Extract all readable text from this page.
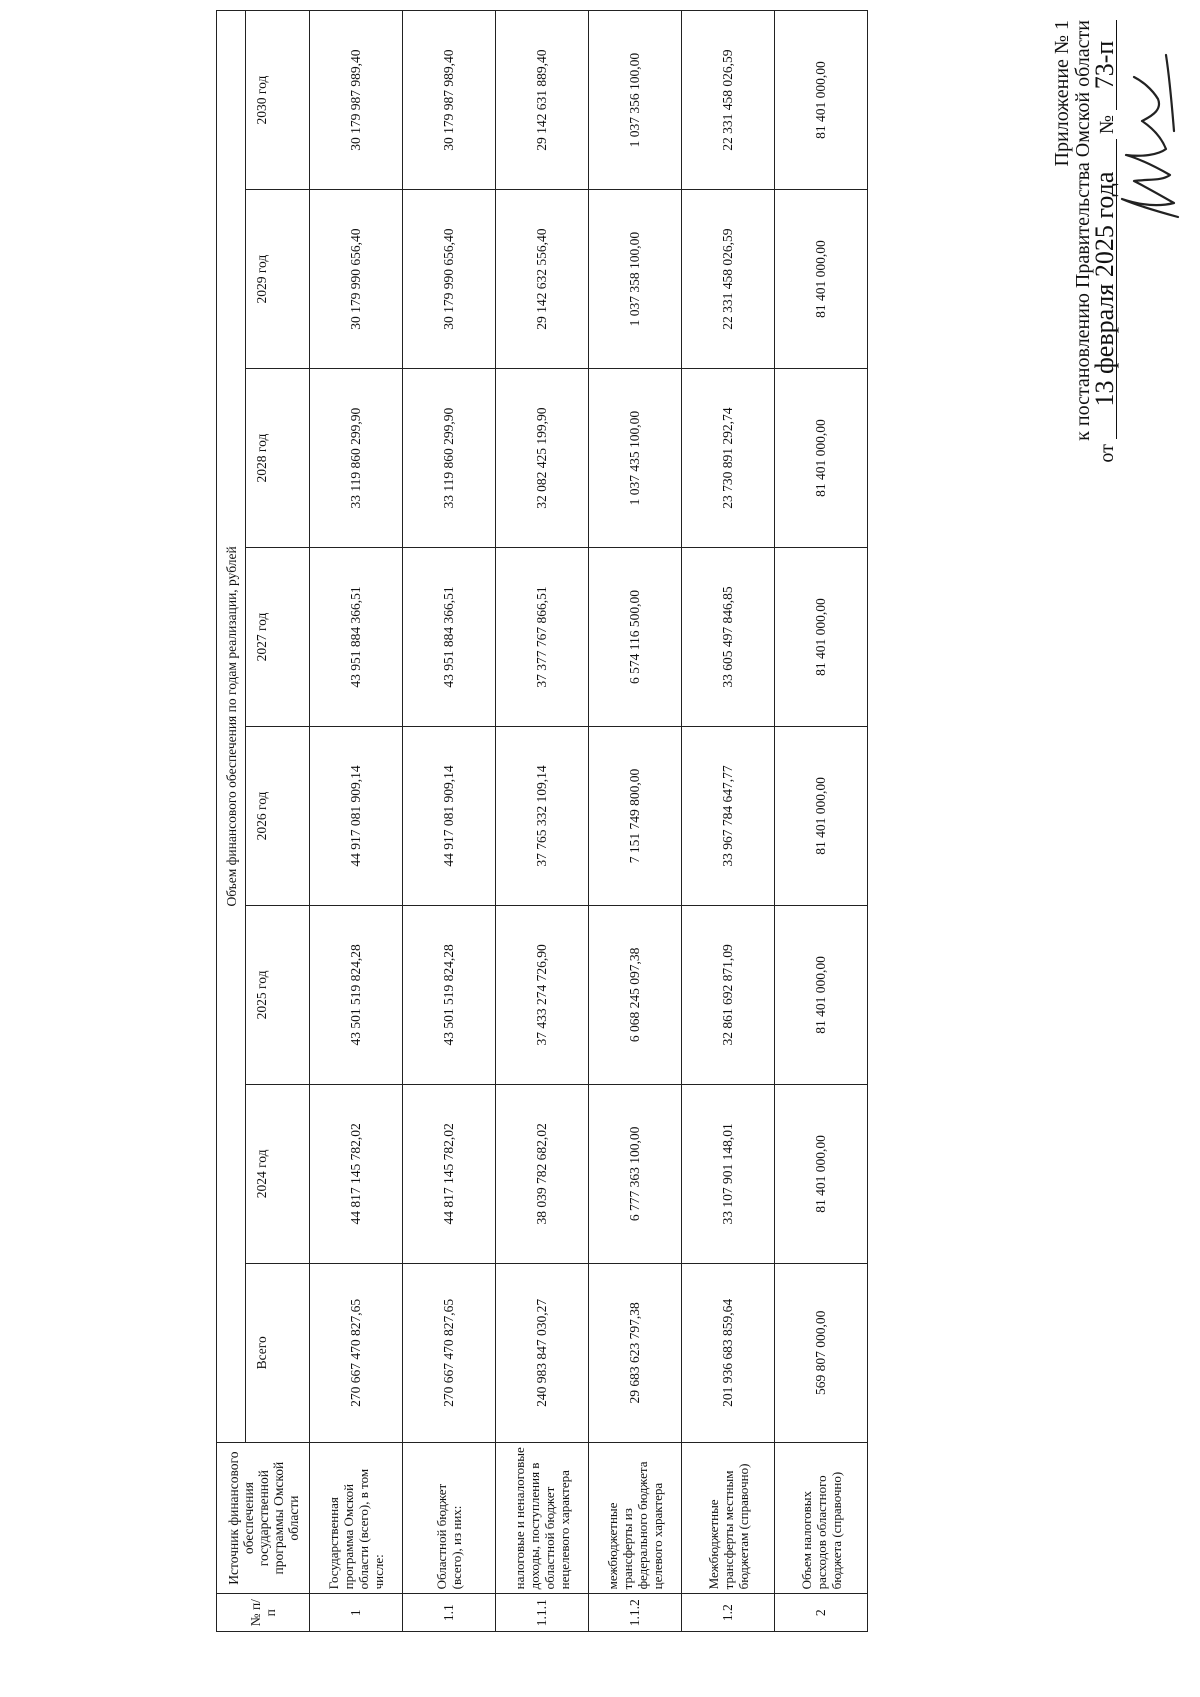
Приложение № 1 к постановлению Правительства Омской области
от 13 февраля 2025 года № 73-п
№ п/п	Источник финансового обеспечения государственной программы Омской области	Объем финансового обеспечения по годам реализации, рублей							
		Всего	2024 год	2025 год	2026 год	2027 год	2028 год	2029 год	2030 год
1	Государственная программа Омской области (всего), в том числе:	270 667 470 827,65	44 817 145 782,02	43 501 519 824,28	44 917 081 909,14	43 951 884 366,51	33 119 860 299,90	30 179 990 656,40	30 179 987 989,40
1.1	Областной бюджет (всего), из них:	270 667 470 827,65	44 817 145 782,02	43 501 519 824,28	44 917 081 909,14	43 951 884 366,51	33 119 860 299,90	30 179 990 656,40	30 179 987 989,40
1.1.1	налоговые и неналоговые доходы, поступления в областной бюджет нецелевого характера	240 983 847 030,27	38 039 782 682,02	37 433 274 726,90	37 765 332 109,14	37 377 767 866,51	32 082 425 199,90	29 142 632 556,40	29 142 631 889,40
1.1.2	межбюджетные трансферты из федерального бюджета целевого характера	29 683 623 797,38	6 777 363 100,00	6 068 245 097,38	7 151 749 800,00	6 574 116 500,00	1 037 435 100,00	1 037 358 100,00	1 037 356 100,00
1.2	Межбюджетные трансферты местным бюджетам (справочно)	201 936 683 859,64	33 107 901 148,01	32 861 692 871,09	33 967 784 647,77	33 605 497 846,85	23 730 891 292,74	22 331 458 026,59	22 331 458 026,59
2	Объем налоговых расходов областного бюджета (справочно)	569 807 000,00	81 401 000,00	81 401 000,00	81 401 000,00	81 401 000,00	81 401 000,00	81 401 000,00	81 401 000,00
